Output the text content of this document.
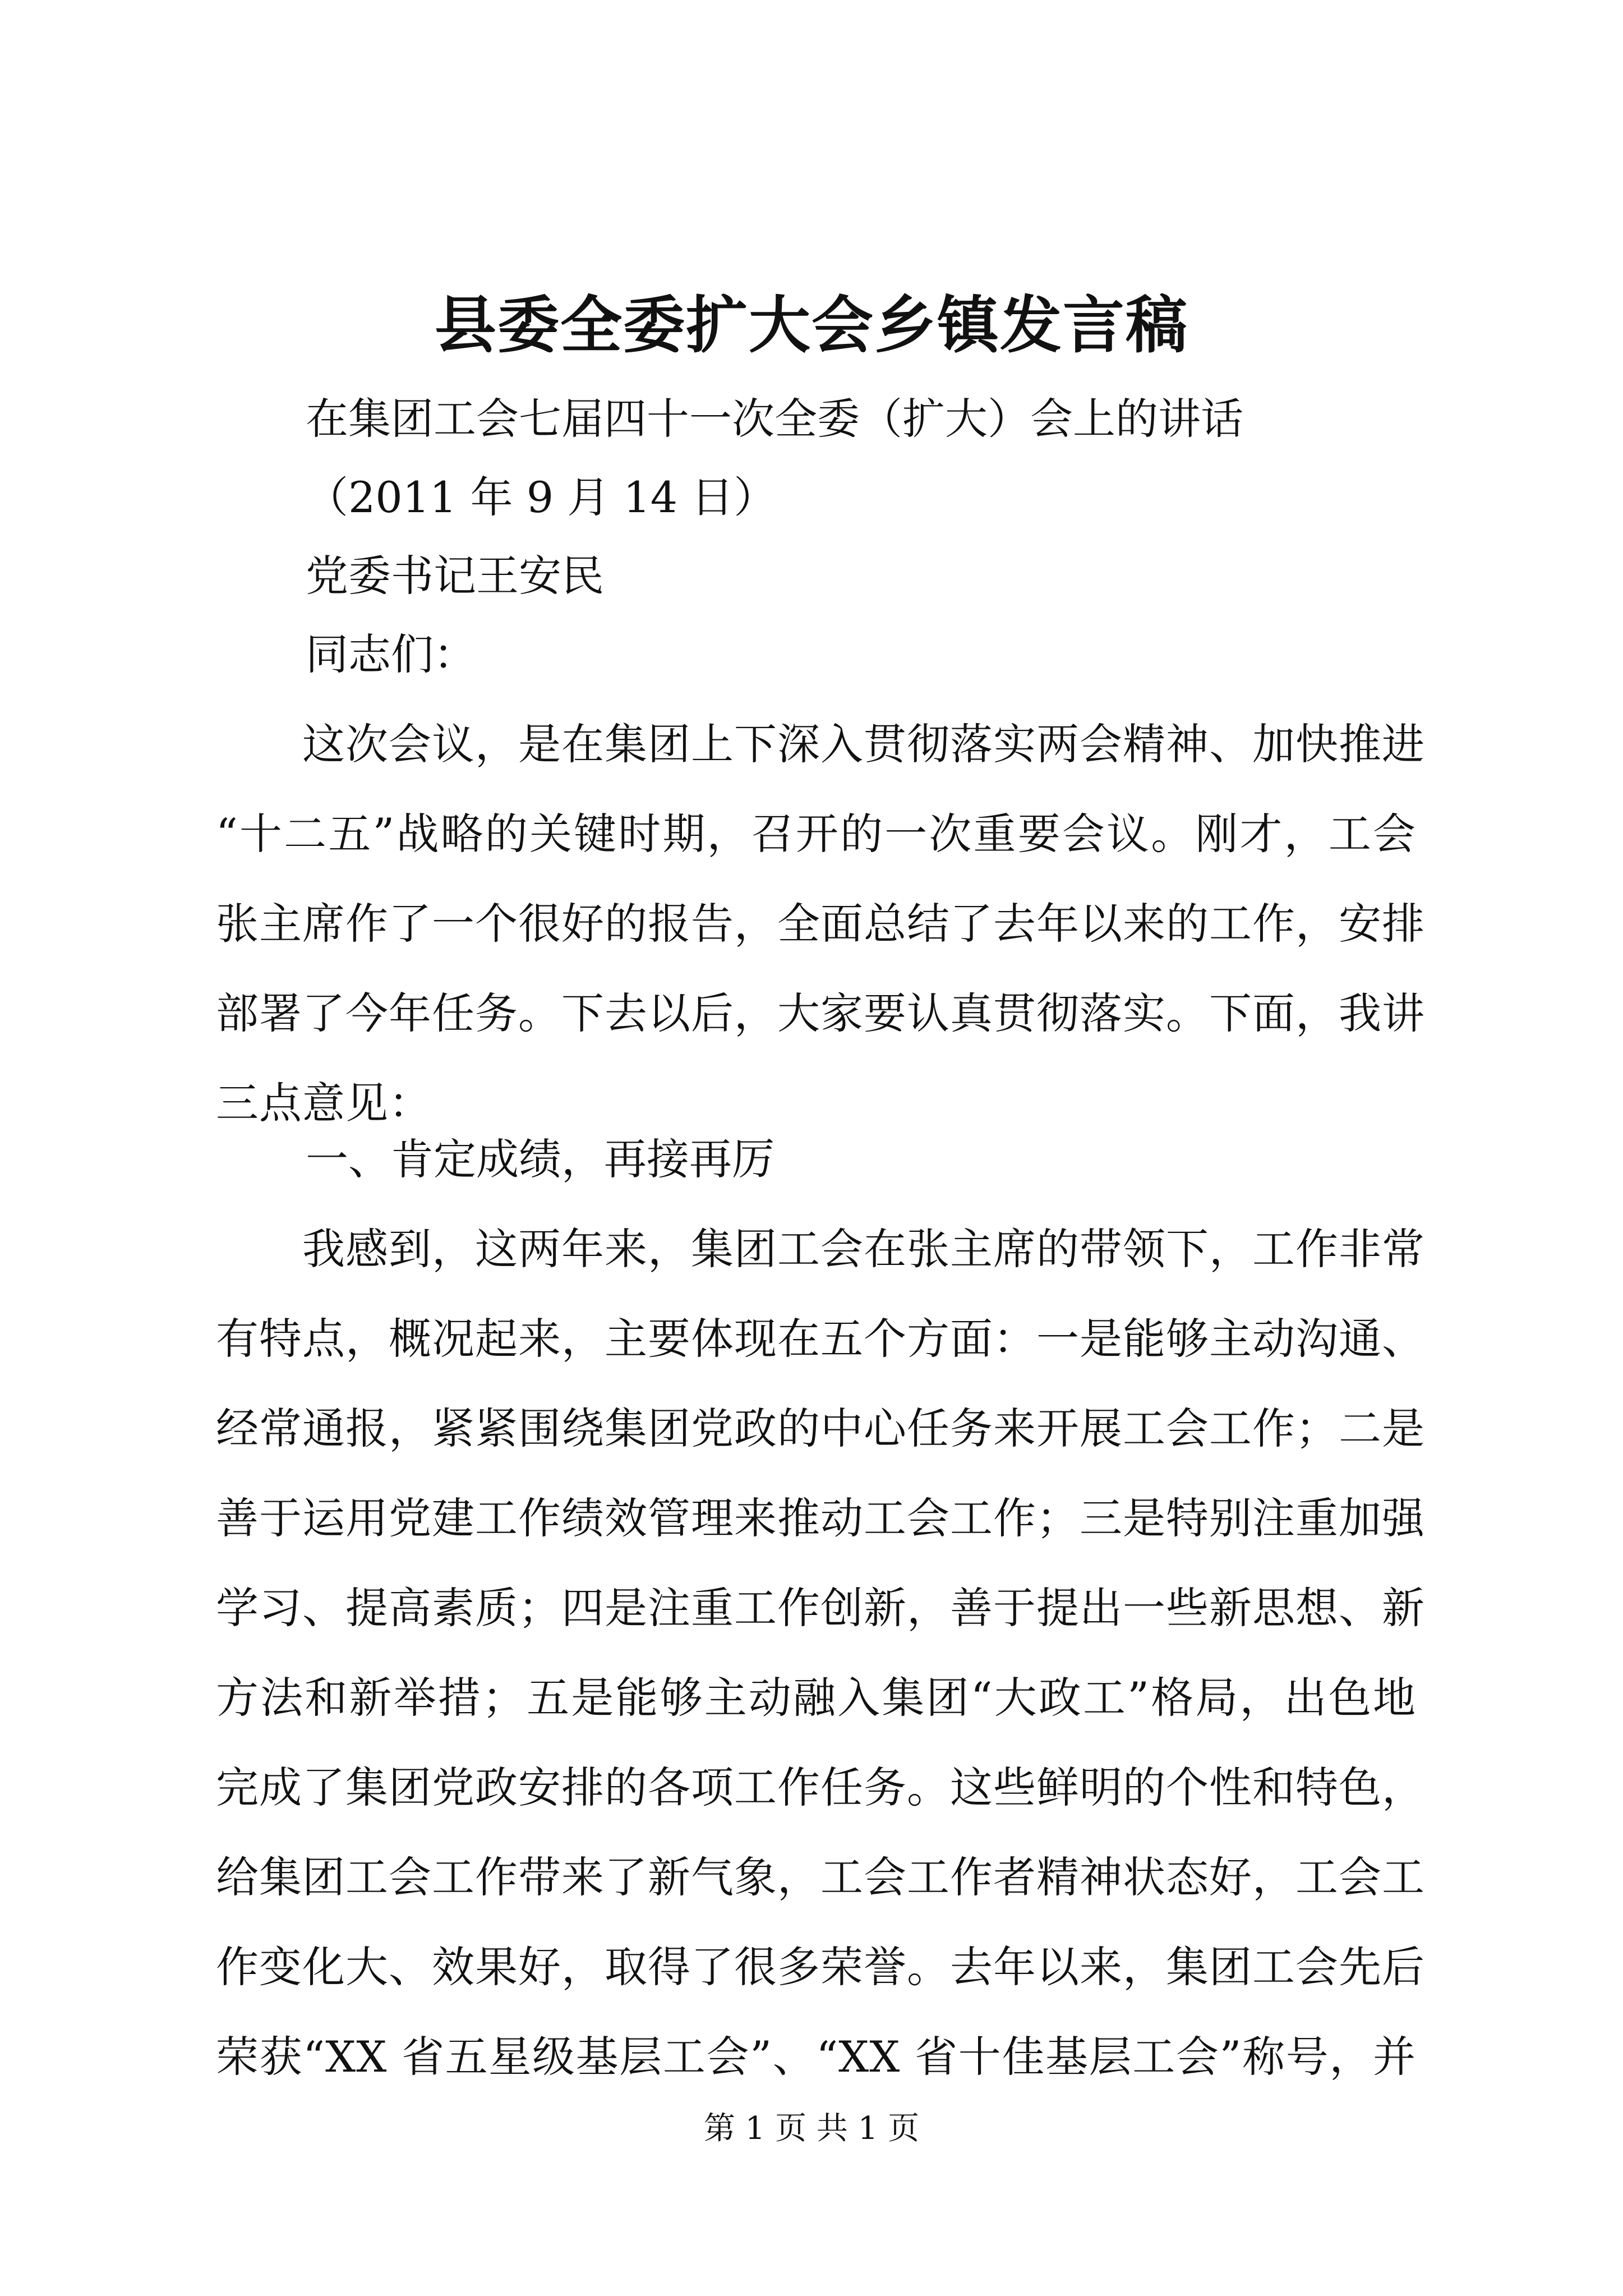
县委全委扩大会乡镇发言稿
在集团工会七届四十一次全委（扩大）会上的讲话
（2011 年 9 月 14 日）
党委书记王安民
同志们：
　　这次会议，是在集团上下深入贯彻落实两会精神、加快推进
“十二五”战略的关键时期，召开的一次重要会议。刚才，工会
张主席作了一个很好的报告，全面总结了去年以来的工作，安排
部署了今年任务。下去以后，大家要认真贯彻落实。下面，我讲
三点意见：
一、肯定成绩，再接再厉
　　我感到，这两年来，集团工会在张主席的带领下，工作非常
有特点，概况起来，主要体现在五个方面：一是能够主动沟通、
经常通报，紧紧围绕集团党政的中心任务来开展工会工作；二是
善于运用党建工作绩效管理来推动工会工作；三是特别注重加强
学习、提高素质；四是注重工作创新，善于提出一些新思想、新
方法和新举措；五是能够主动融入集团“大政工”格局，出色地
完成了集团党政安排的各项工作任务。这些鲜明的个性和特色，
给集团工会工作带来了新气象，工会工作者精神状态好，工会工
作变化大、效果好，取得了很多荣誉。去年以来，集团工会先后
荣获“XX 省五星级基层工会”、“XX 省十佳基层工会”称号，并
第 1 页 共 1 页
